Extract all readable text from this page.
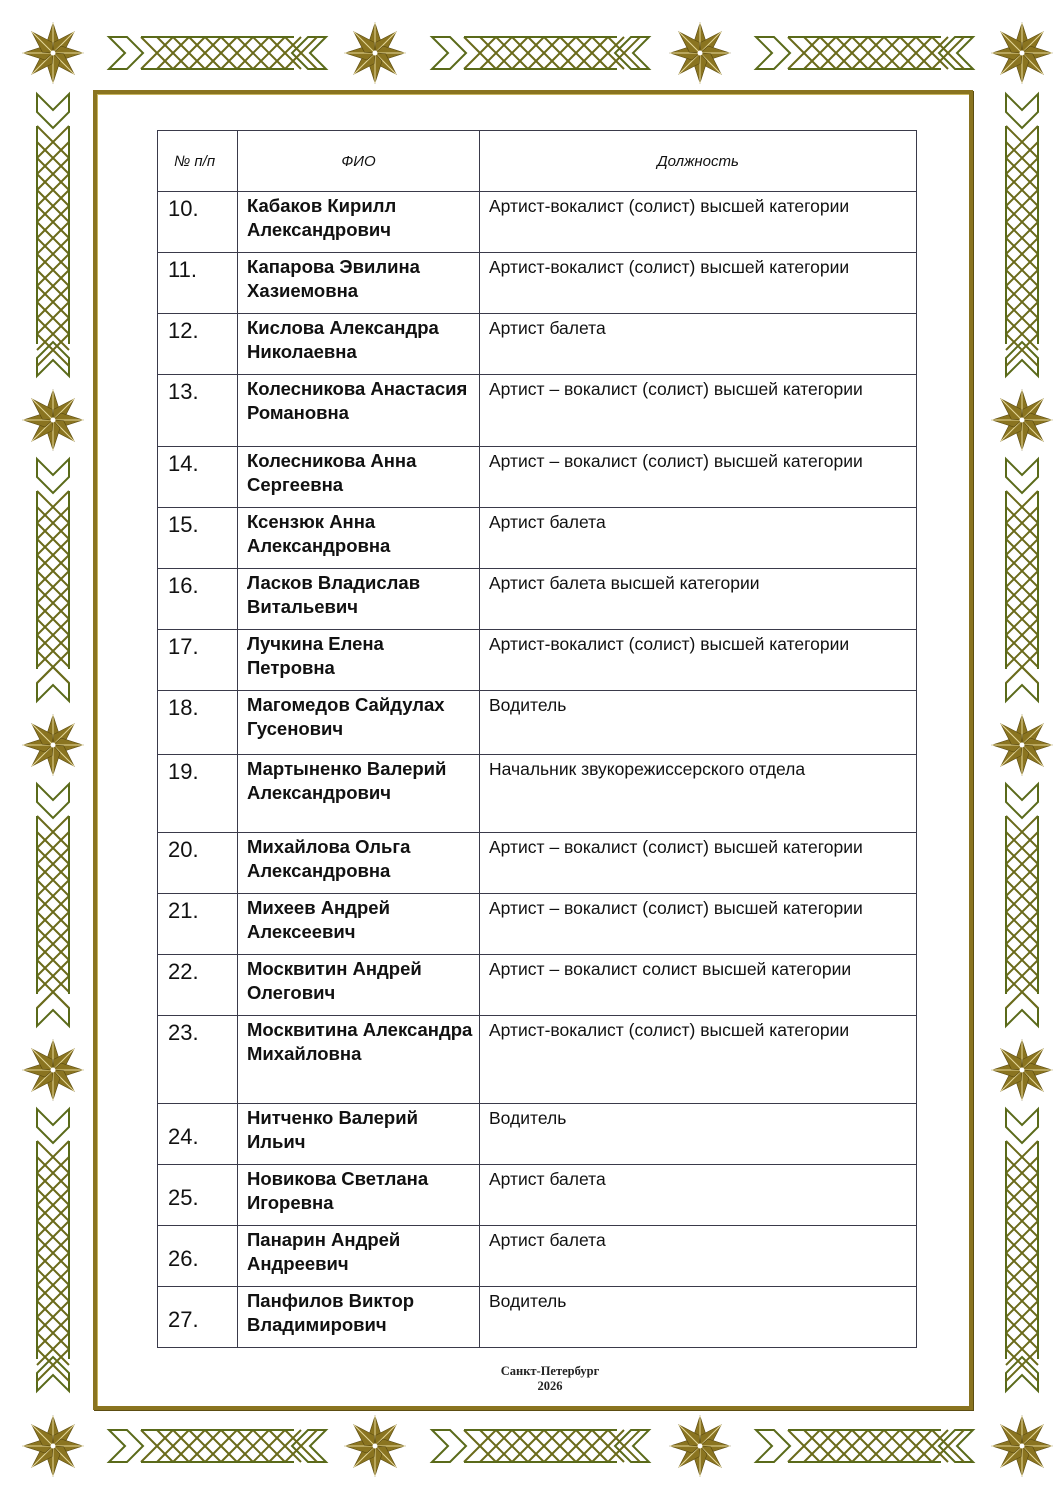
№ п/п	ФИО	Должность
10.	Кабаков Кирилл Александрович	Артист-вокалист (солист) высшей категории
11.	Капарова Эвилина Хазиемовна	Артист-вокалист (солист) высшей категории
12.	Кислова Александра Николаевна	Артист балета
13.	Колесникова Анастасия Романовна	Артист – вокалист (солист) высшей категории
14.	Колесникова Анна Сергеевна	Артист – вокалист (солист) высшей категории
15.	Ксензюк Анна Александровна	Артист балета
16.	Ласков Владислав Витальевич	Артист балета высшей категории
17.	Лучкина Елена Петровна	Артист-вокалист (солист) высшей категории
18.	Магомедов Сайдулах Гусенович	Водитель
19.	Мартыненко Валерий Александрович	Начальник звукорежиссерского отдела
20.	Михайлова Ольга Александровна	Артист – вокалист (солист) высшей категории
21.	Михеев Андрей Алексеевич	Артист – вокалист (солист) высшей категории
22.	Москвитин Андрей Олегович	Артист – вокалист солист высшей категории
23.	Москвитина Александра Михайловна	Артист-вокалист (солист) высшей категории
24.	Нитченко Валерий Ильич	Водитель
25.	Новикова Светлана Игоревна	Артист балета
26.	Панарин Андрей Андреевич	Артист балета
27.	Панфилов Виктор Владимирович	Водитель
Санкт-Петербург
2026
